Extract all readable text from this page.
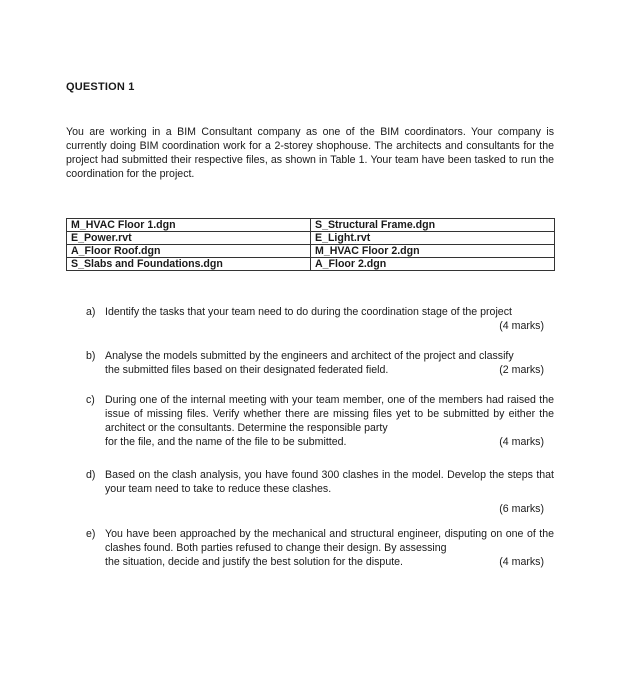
QUESTION 1

You are working in a BIM Consultant company as one of the BIM coordinators. Your company is currently doing BIM coordination work for a 2-storey shophouse. The architects and consultants for the project had submitted their respective files, as shown in Table 1. Your team have been tasked to run the coordination for the project.

M_HVAC Floor 1.dgn	S_Structural Frame.dgn
E_Power.rvt	E_Light.rvt
A_Floor Roof.dgn	M_HVAC Floor 2.dgn
S_Slabs and Foundations.dgn	A_Floor 2.dgn
a) Identify the tasks that your team need to do during the coordination stage of the project
(4 marks)
b) Analyse the models submitted by the engineers and architect of the project and classify
the submitted files based on their designated federated field.	(2 marks)
c) During one of the internal meeting with your team member, one of the members had raised the issue of missing files. Verify whether there are missing files yet to be submitted by either the architect or the consultants. Determine the responsible party
for the file, and the name of the file to be submitted.	(4 marks)
d) Based on the clash analysis, you have found 300 clashes in the model. Develop the steps that your team need to take to reduce these clashes.
(6 marks)
e) You have been approached by the mechanical and structural engineer, disputing on one of the clashes found. Both parties refused to change their design. By assessing
the situation, decide and justify the best solution for the dispute.	(4 marks)
